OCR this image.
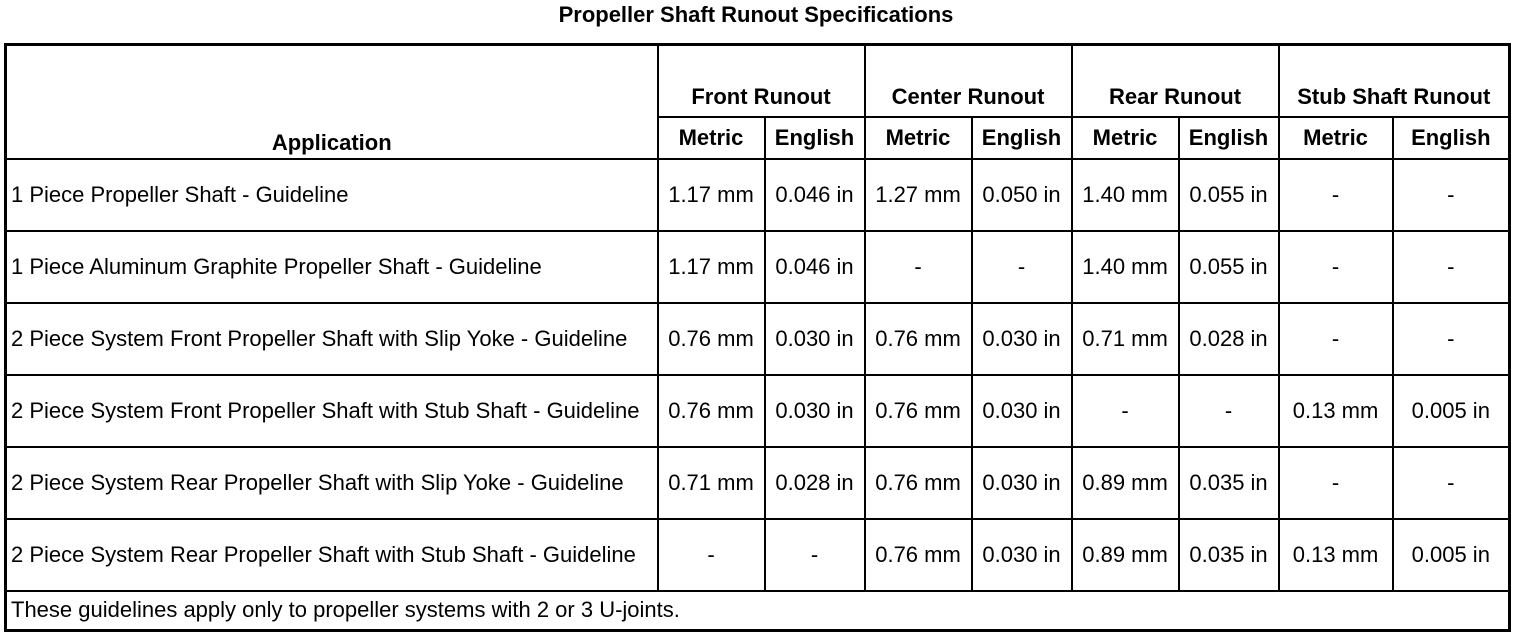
Propeller Shaft Runout Specifications
Application	Front Runout		Center Runout		Rear Runout		Stub Shaft Runout	
	Metric	English	Metric	English	Metric	English	Metric	English
1 Piece Propeller Shaft - Guideline	1.17 mm	0.046 in	1.27 mm	0.050 in	1.40 mm	0.055 in	-	-
1 Piece Aluminum Graphite Propeller Shaft - Guideline	1.17 mm	0.046 in	-	-	1.40 mm	0.055 in	-	-
2 Piece System Front Propeller Shaft with Slip Yoke - Guideline	0.76 mm	0.030 in	0.76 mm	0.030 in	0.71 mm	0.028 in	-	-
2 Piece System Front Propeller Shaft with Stub Shaft - Guideline	0.76 mm	0.030 in	0.76 mm	0.030 in	-	-	0.13 mm	0.005 in
2 Piece System Rear Propeller Shaft with Slip Yoke - Guideline	0.71 mm	0.028 in	0.76 mm	0.030 in	0.89 mm	0.035 in	-	-
2 Piece System Rear Propeller Shaft with Stub Shaft - Guideline	-	-	0.76 mm	0.030 in	0.89 mm	0.035 in	0.13 mm	0.005 in
These guidelines apply only to propeller systems with 2 or 3 U-joints.								
